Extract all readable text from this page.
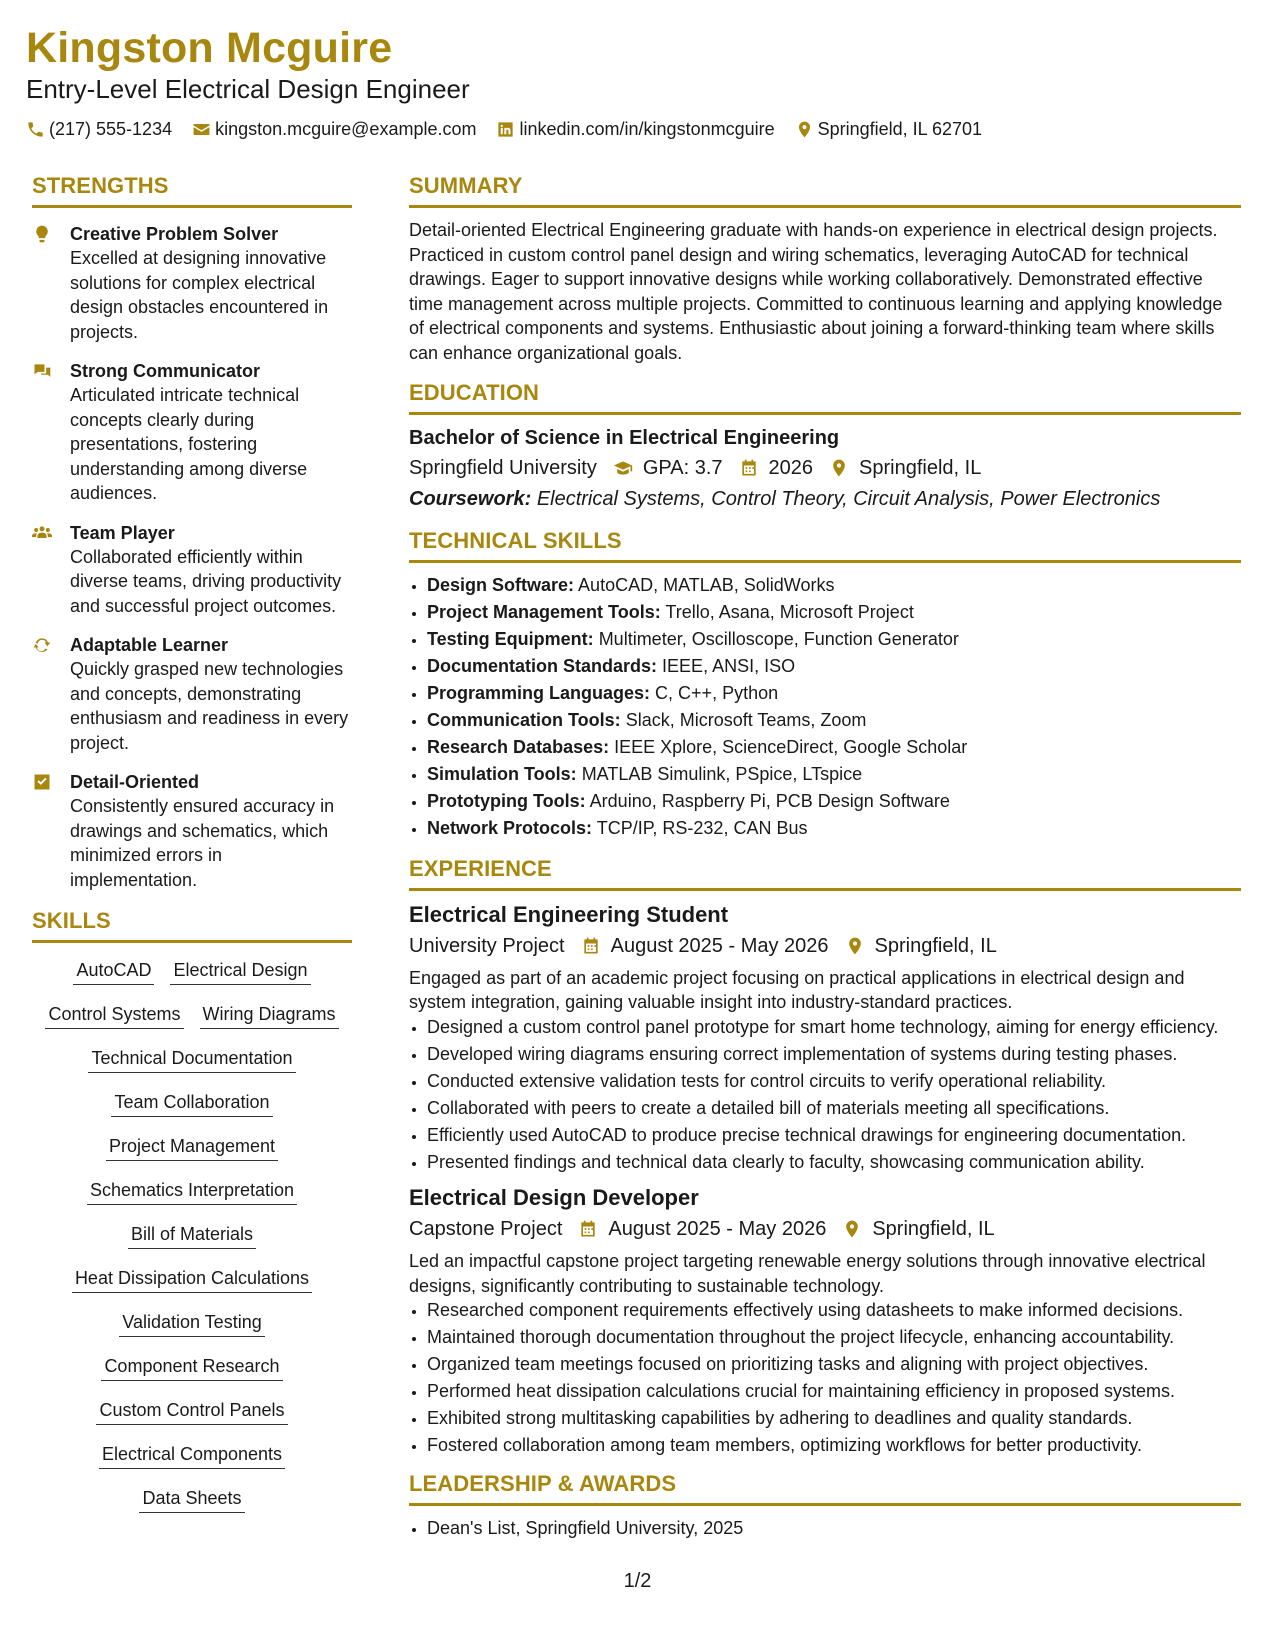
Kingston Mcguire
Entry-Level Electrical Design Engineer
(217) 555-1234 kingston.mcguire@example.com linkedin.com/in/kingstonmcguire Springfield, IL 62701
STRENGTHS
Creative Problem Solver
Excelled at designing innovative solutions for complex electrical design obstacles encountered in projects.
Strong Communicator
Articulated intricate technical concepts clearly during presentations, fostering understanding among diverse audiences.
Team Player
Collaborated efficiently within diverse teams, driving productivity and successful project outcomes.
Adaptable Learner
Quickly grasped new technologies and concepts, demonstrating enthusiasm and readiness in every project.
Detail-Oriented
Consistently ensured accuracy in drawings and schematics, which minimized errors in implementation.
SKILLS
AutoCAD Electrical Design
Control Systems Wiring Diagrams
Technical Documentation
Team Collaboration
Project Management
Schematics Interpretation
Bill of Materials
Heat Dissipation Calculations
Validation Testing
Component Research
Custom Control Panels
Electrical Components
Data Sheets
SUMMARY
Detail-oriented Electrical Engineering graduate with hands-on experience in electrical design projects. Practiced in custom control panel design and wiring schematics, leveraging AutoCAD for technical drawings. Eager to support innovative designs while working collaboratively. Demonstrated effective time management across multiple projects. Committed to continuous learning and applying knowledge of electrical components and systems. Enthusiastic about joining a forward-thinking team where skills can enhance organizational goals.
EDUCATION
Bachelor of Science in Electrical Engineering
Springfield University GPA: 3.7 2026 Springfield, IL
Coursework: Electrical Systems, Control Theory, Circuit Analysis, Power Electronics
TECHNICAL SKILLS
• Design Software: AutoCAD, MATLAB, SolidWorks
• Project Management Tools: Trello, Asana, Microsoft Project
• Testing Equipment: Multimeter, Oscilloscope, Function Generator
• Documentation Standards: IEEE, ANSI, ISO
• Programming Languages: C, C++, Python
• Communication Tools: Slack, Microsoft Teams, Zoom
• Research Databases: IEEE Xplore, ScienceDirect, Google Scholar
• Simulation Tools: MATLAB Simulink, PSpice, LTspice
• Prototyping Tools: Arduino, Raspberry Pi, PCB Design Software
• Network Protocols: TCP/IP, RS-232, CAN Bus
EXPERIENCE
Electrical Engineering Student
University Project August 2025 - May 2026 Springfield, IL
Engaged as part of an academic project focusing on practical applications in electrical design and system integration, gaining valuable insight into industry-standard practices.
• Designed a custom control panel prototype for smart home technology, aiming for energy efficiency.
• Developed wiring diagrams ensuring correct implementation of systems during testing phases.
• Conducted extensive validation tests for control circuits to verify operational reliability.
• Collaborated with peers to create a detailed bill of materials meeting all specifications.
• Efficiently used AutoCAD to produce precise technical drawings for engineering documentation.
• Presented findings and technical data clearly to faculty, showcasing communication ability.
Electrical Design Developer
Capstone Project August 2025 - May 2026 Springfield, IL
Led an impactful capstone project targeting renewable energy solutions through innovative electrical designs, significantly contributing to sustainable technology.
• Researched component requirements effectively using datasheets to make informed decisions.
• Maintained thorough documentation throughout the project lifecycle, enhancing accountability.
• Organized team meetings focused on prioritizing tasks and aligning with project objectives.
• Performed heat dissipation calculations crucial for maintaining efficiency in proposed systems.
• Exhibited strong multitasking capabilities by adhering to deadlines and quality standards.
• Fostered collaboration among team members, optimizing workflows for better productivity.
LEADERSHIP & AWARDS
• Dean's List, Springfield University, 2025
1/2
